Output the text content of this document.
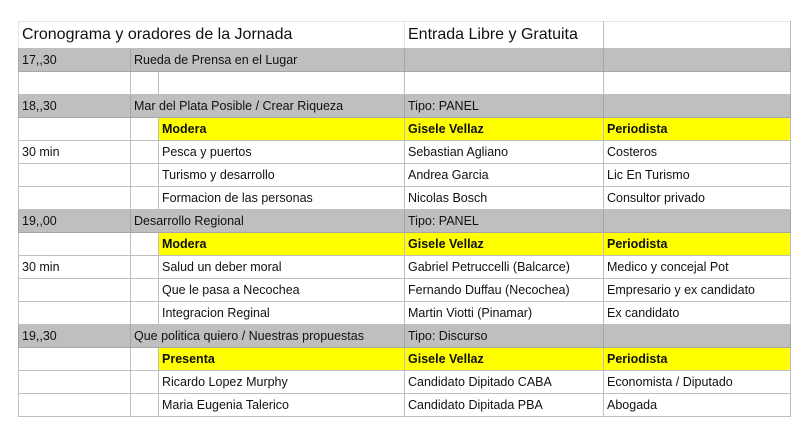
Cronograma y oradores de la Jornada			Entrada Libre y Gratuita	
17,,30	Rueda de Prensa en el Lugar			

18,,30	Mar del Plata Posible / Crear Riqueza		Tipo: PANEL	
		Modera	Gisele Vellaz	Periodista
30 min		Pesca y puertos	Sebastian Agliano	Costeros
		Turismo y desarrollo	Andrea Garcia	Lic En Turismo
		Formacion de las personas	Nicolas Bosch	Consultor privado
19,,00	Desarrollo Regional		Tipo: PANEL	
		Modera	Gisele Vellaz	Periodista
30 min		Salud un deber moral	Gabriel Petruccelli (Balcarce)	Medico y concejal Pot
		Que le pasa a Necochea	Fernando Duffau (Necochea)	Empresario y ex candidato
		Integracion Reginal	Martin Viotti (Pinamar)	Ex candidato
19,,30	Que politica quiero / Nuestras propuestas		Tipo: Discurso	
		Presenta	Gisele Vellaz	Periodista
		Ricardo Lopez Murphy	Candidato Dipitado CABA	Economista / Diputado
		Maria Eugenia Talerico	Candidato Dipitada PBA	Abogada
